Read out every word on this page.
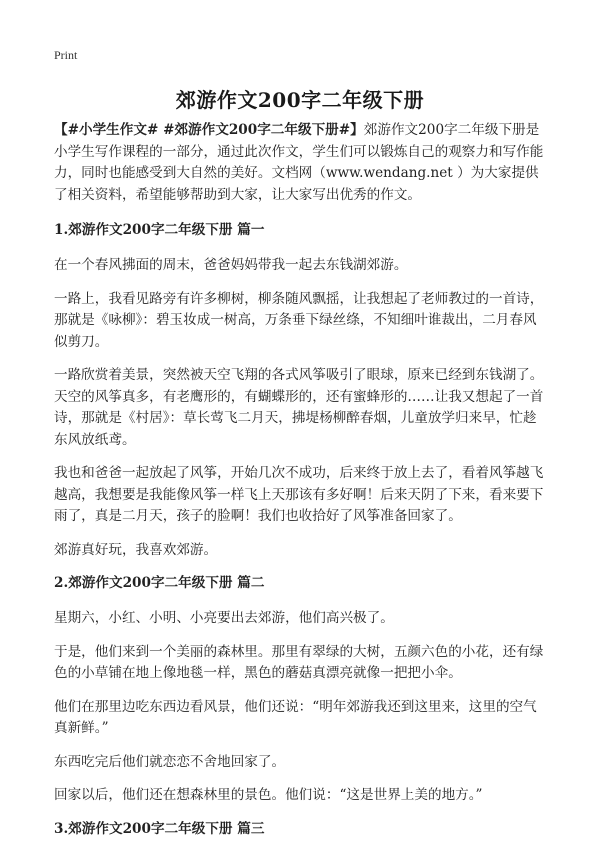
Print
郊游作文200字二年级下册

【#小学生作文# #郊游作文200字二年级下册#】郊游作文200字二年级下册是小学生写作课程的一部分，通过此次作文，学生们可以锻炼自己的观察力和写作能力，同时也能感受到大自然的美好。文档网（www.wendang.net ）为大家提供了相关资料，希望能够帮助到大家，让大家写出优秀的作文。

1.郊游作文200字二年级下册 篇一

在一个春风拂面的周末，爸爸妈妈带我一起去东钱湖郊游。

一路上，我看见路旁有许多柳树，柳条随风飘摇，让我想起了老师教过的一首诗，那就是《咏柳》：碧玉妆成一树高，万条垂下绿丝绦，不知细叶谁裁出，二月春风似剪刀。

一路欣赏着美景，突然被天空飞翔的各式风筝吸引了眼球，原来已经到东钱湖了。天空的风筝真多，有老鹰形的，有蝴蝶形的，还有蜜蜂形的……让我又想起了一首诗，那就是《村居》：草长莺飞二月天，拂堤杨柳醉春烟，儿童放学归来早，忙趁东风放纸鸢。

我也和爸爸一起放起了风筝，开始几次不成功，后来终于放上去了，看着风筝越飞越高，我想要是我能像风筝一样飞上天那该有多好啊！后来天阴了下来，看来要下雨了，真是二月天，孩子的脸啊！我们也收拾好了风筝准备回家了。

郊游真好玩，我喜欢郊游。

2.郊游作文200字二年级下册 篇二

星期六，小红、小明、小亮要出去郊游，他们高兴极了。

于是，他们来到一个美丽的森林里。那里有翠绿的大树，五颜六色的小花，还有绿色的小草铺在地上像地毯一样，黑色的蘑菇真漂亮就像一把把小伞。

他们在那里边吃东西边看风景，他们还说：“明年郊游我还到这里来，这里的空气真新鲜。”

东西吃完后他们就恋恋不舍地回家了。

回家以后，他们还在想森林里的景色。他们说：“这是世界上美的地方。”

3.郊游作文200字二年级下册 篇三
